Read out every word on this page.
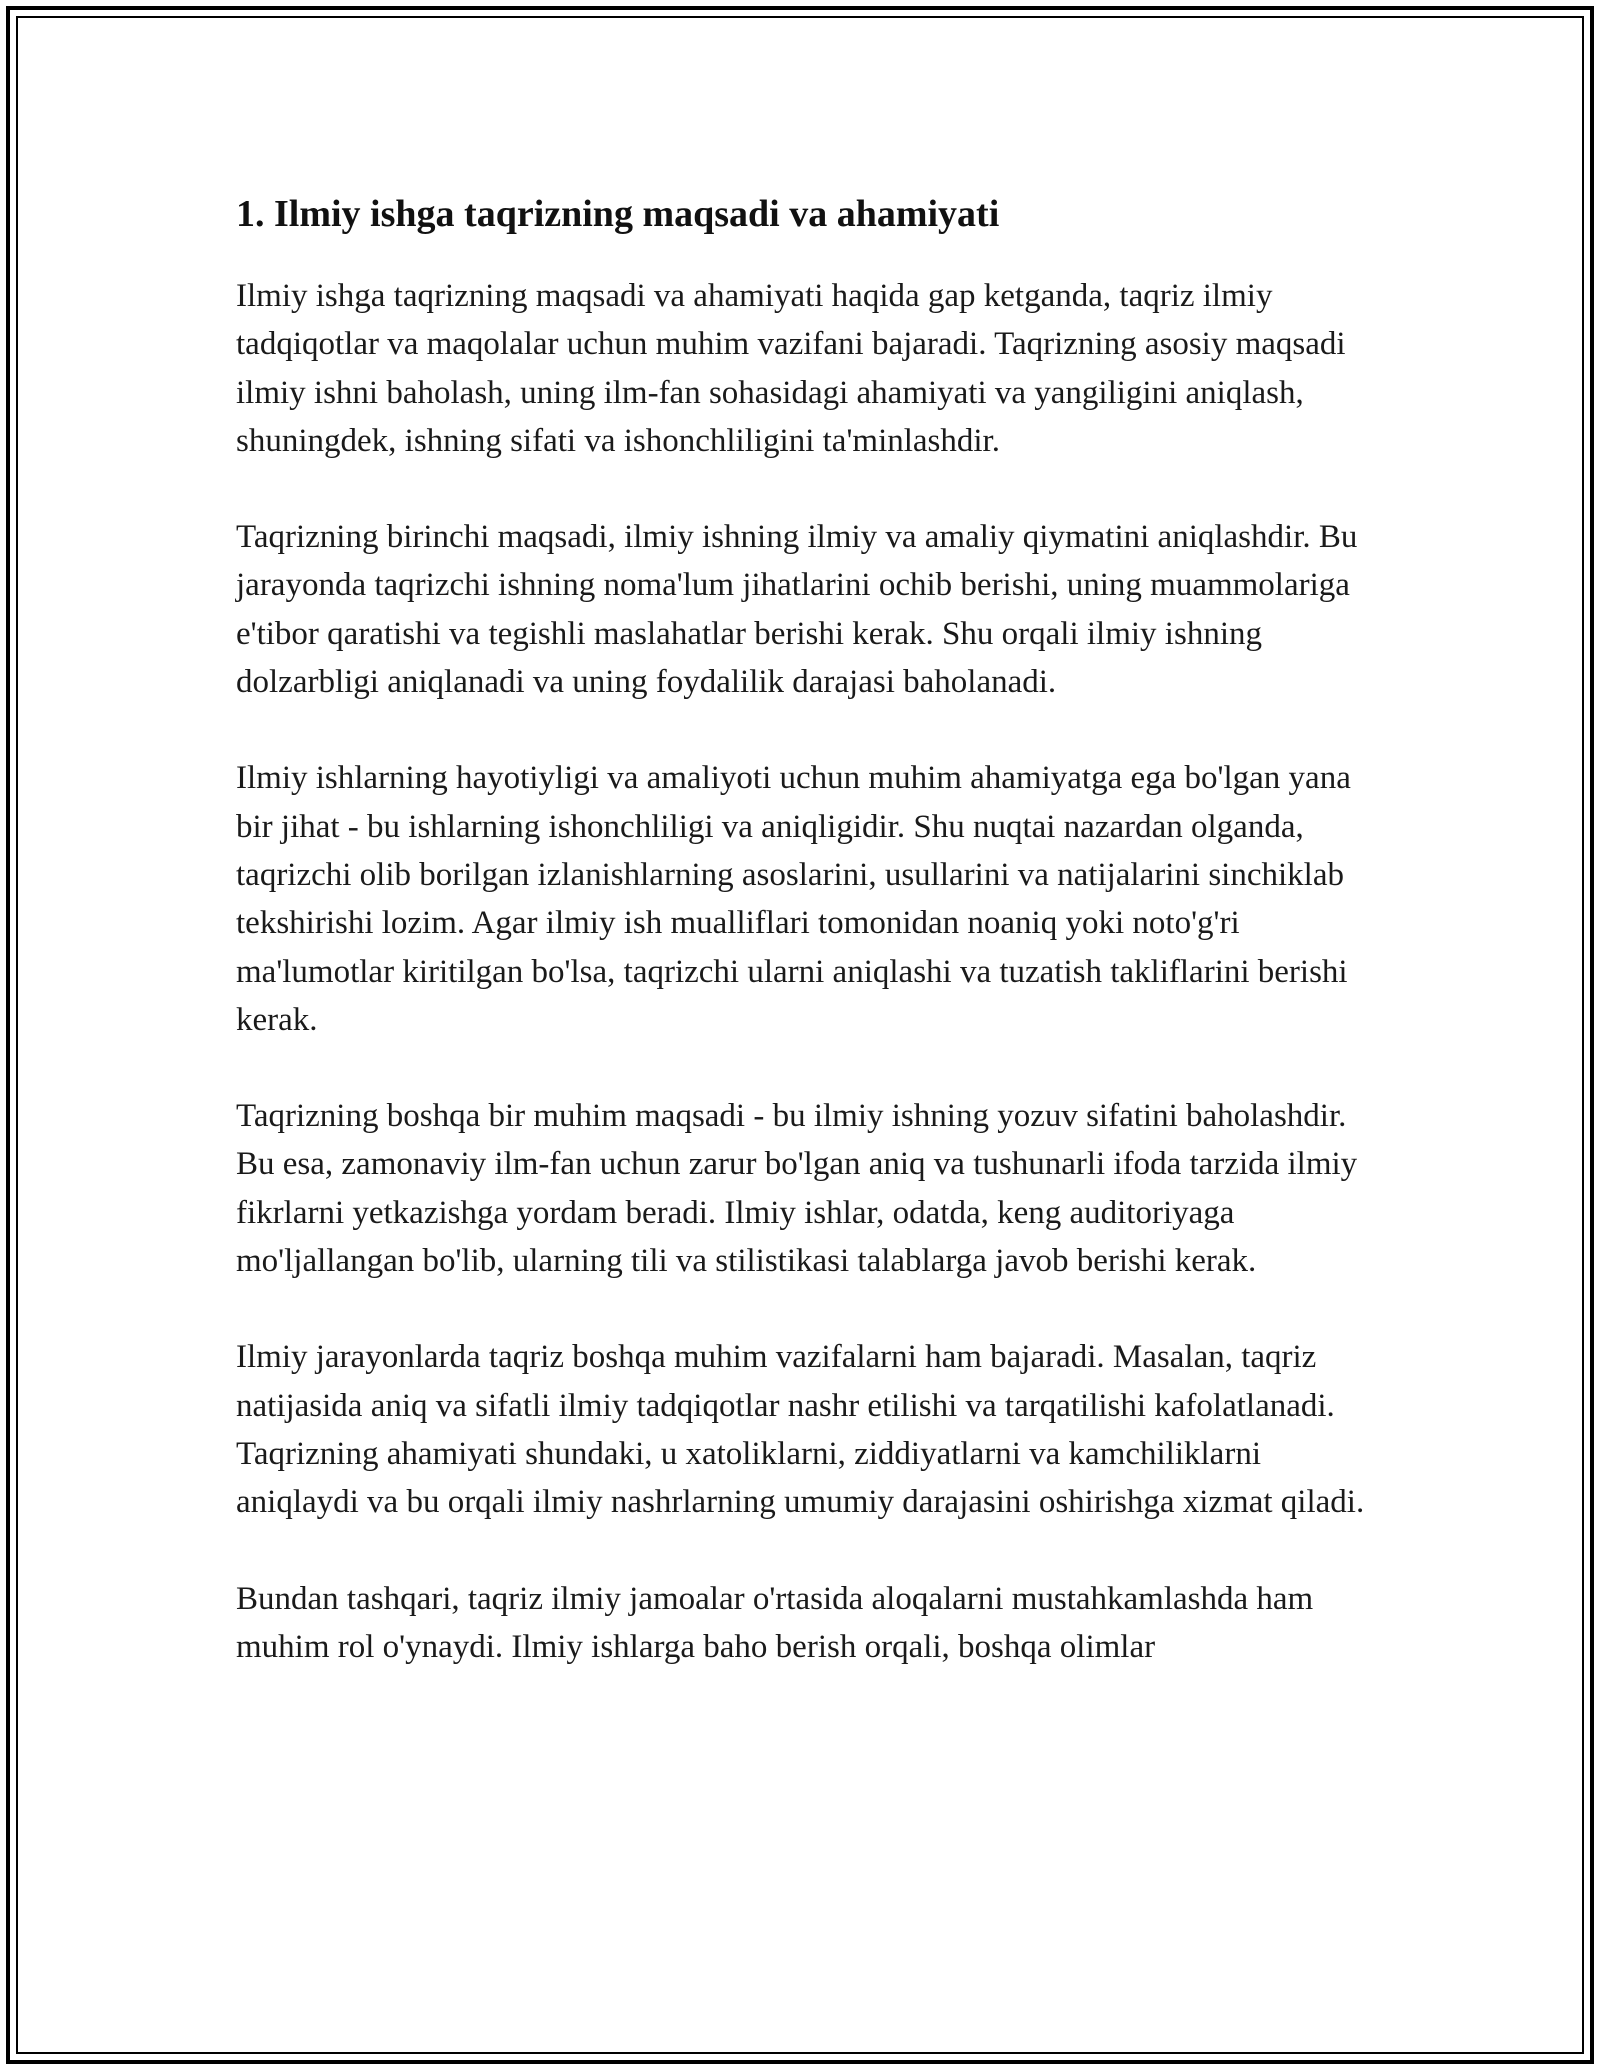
1. Ilmiy ishga taqrizning maqsadi va ahamiyati

Ilmiy ishga taqrizning maqsadi va ahamiyati haqida gap ketganda, taqriz ilmiy tadqiqotlar va maqolalar uchun muhim vazifani bajaradi. Taqrizning asosiy maqsadi ilmiy ishni baholash, uning ilm-fan sohasidagi ahamiyati va yangiligini aniqlash, shuningdek, ishning sifati va ishonchliligini ta'minlashdir.

Taqrizning birinchi maqsadi, ilmiy ishning ilmiy va amaliy qiymatini aniqlashdir. Bu jarayonda taqrizchi ishning noma'lum jihatlarini ochib berishi, uning muammolariga e'tibor qaratishi va tegishli maslahatlar berishi kerak. Shu orqali ilmiy ishning dolzarbligi aniqlanadi va uning foydalilik darajasi baholanadi.

Ilmiy ishlarning hayotiyligi va amaliyoti uchun muhim ahamiyatga ega bo'lgan yana bir jihat - bu ishlarning ishonchliligi va aniqligidir. Shu nuqtai nazardan olganda, taqrizchi olib borilgan izlanishlarning asoslarini, usullarini va natijalarini sinchiklab tekshirishi lozim. Agar ilmiy ish mualliflari tomonidan noaniq yoki noto'g'ri ma'lumotlar kiritilgan bo'lsa, taqrizchi ularni aniqlashi va tuzatish takliflarini berishi kerak.

Taqrizning boshqa bir muhim maqsadi - bu ilmiy ishning yozuv sifatini baholashdir. Bu esa, zamonaviy ilm-fan uchun zarur bo'lgan aniq va tushunarli ifoda tarzida ilmiy fikrlarni yetkazishga yordam beradi. Ilmiy ishlar, odatda, keng auditoriyaga mo'ljallangan bo'lib, ularning tili va stilistikasi talablarga javob berishi kerak.

Ilmiy jarayonlarda taqriz boshqa muhim vazifalarni ham bajaradi. Masalan, taqriz natijasida aniq va sifatli ilmiy tadqiqotlar nashr etilishi va tarqatilishi kafolatlanadi. Taqrizning ahamiyati shundaki, u xatoliklarni, ziddiyatlarni va kamchiliklarni aniqlaydi va bu orqali ilmiy nashrlarning umumiy darajasini oshirishga xizmat qiladi.

Bundan tashqari, taqriz ilmiy jamoalar o'rtasida aloqalarni mustahkamlashda ham muhim rol o'ynaydi. Ilmiy ishlarga baho berish orqali, boshqa olimlar
